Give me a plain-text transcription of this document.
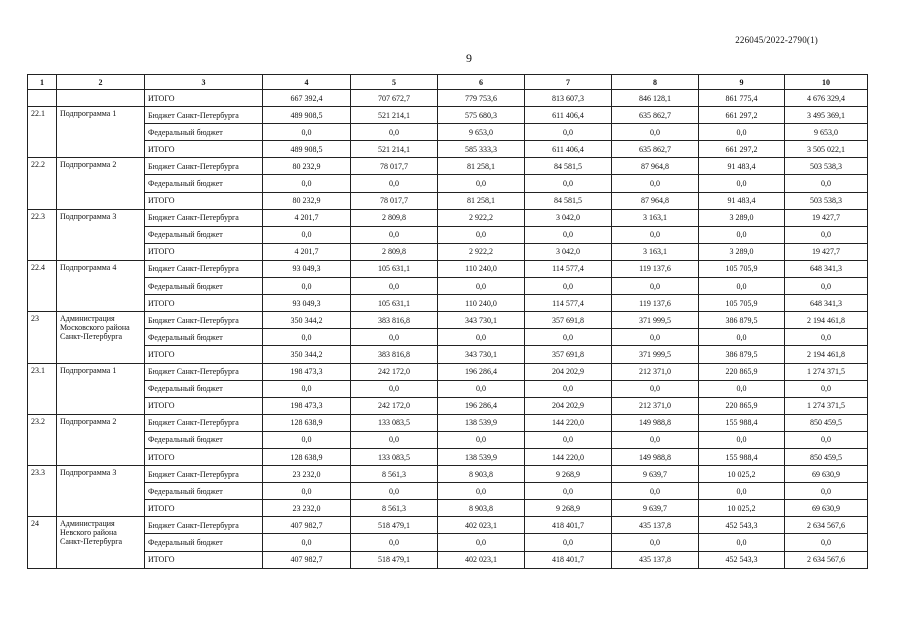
226045/2022-2790(1)
9
1	2	3	4	5	6	7	8	9	10
		ИТОГО	667 392,4	707 672,7	779 753,6	813 607,3	846 128,1	861 775,4	4 676 329,4
22.1	Подпрограмма 1	Бюджет Санкт-Петербурга	489 908,5	521 214,1	575 680,3	611 406,4	635 862,7	661 297,2	3 495 369,1
		Федеральный бюджет	0,0	0,0	9 653,0	0,0	0,0	0,0	9 653,0
		ИТОГО	489 908,5	521 214,1	585 333,3	611 406,4	635 862,7	661 297,2	3 505 022,1
22.2	Подпрограмма 2	Бюджет Санкт-Петербурга	80 232,9	78 017,7	81 258,1	84 581,5	87 964,8	91 483,4	503 538,3
		Федеральный бюджет	0,0	0,0	0,0	0,0	0,0	0,0	0,0
		ИТОГО	80 232,9	78 017,7	81 258,1	84 581,5	87 964,8	91 483,4	503 538,3
22.3	Подпрограмма 3	Бюджет Санкт-Петербурга	4 201,7	2 809,8	2 922,2	3 042,0	3 163,1	3 289,0	19 427,7
		Федеральный бюджет	0,0	0,0	0,0	0,0	0,0	0,0	0,0
		ИТОГО	4 201,7	2 809,8	2 922,2	3 042,0	3 163,1	3 289,0	19 427,7
22.4	Подпрограмма 4	Бюджет Санкт-Петербурга	93 049,3	105 631,1	110 240,0	114 577,4	119 137,6	105 705,9	648 341,3
		Федеральный бюджет	0,0	0,0	0,0	0,0	0,0	0,0	0,0
		ИТОГО	93 049,3	105 631,1	110 240,0	114 577,4	119 137,6	105 705,9	648 341,3
23	Администрация Московского района Санкт-Петербурга	Бюджет Санкт-Петербурга	350 344,2	383 816,8	343 730,1	357 691,8	371 999,5	386 879,5	2 194 461,8
		Федеральный бюджет	0,0	0,0	0,0	0,0	0,0	0,0	0,0
		ИТОГО	350 344,2	383 816,8	343 730,1	357 691,8	371 999,5	386 879,5	2 194 461,8
23.1	Подпрограмма 1	Бюджет Санкт-Петербурга	198 473,3	242 172,0	196 286,4	204 202,9	212 371,0	220 865,9	1 274 371,5
		Федеральный бюджет	0,0	0,0	0,0	0,0	0,0	0,0	0,0
		ИТОГО	198 473,3	242 172,0	196 286,4	204 202,9	212 371,0	220 865,9	1 274 371,5
23.2	Подпрограмма 2	Бюджет Санкт-Петербурга	128 638,9	133 083,5	138 539,9	144 220,0	149 988,8	155 988,4	850 459,5
		Федеральный бюджет	0,0	0,0	0,0	0,0	0,0	0,0	0,0
		ИТОГО	128 638,9	133 083,5	138 539,9	144 220,0	149 988,8	155 988,4	850 459,5
23.3	Подпрограмма 3	Бюджет Санкт-Петербурга	23 232,0	8 561,3	8 903,8	9 268,9	9 639,7	10 025,2	69 630,9
		Федеральный бюджет	0,0	0,0	0,0	0,0	0,0	0,0	0,0
		ИТОГО	23 232,0	8 561,3	8 903,8	9 268,9	9 639,7	10 025,2	69 630,9
24	Администрация Невского района Санкт-Петербурга	Бюджет Санкт-Петербурга	407 982,7	518 479,1	402 023,1	418 401,7	435 137,8	452 543,3	2 634 567,6
		Федеральный бюджет	0,0	0,0	0,0	0,0	0,0	0,0	0,0
		ИТОГО	407 982,7	518 479,1	402 023,1	418 401,7	435 137,8	452 543,3	2 634 567,6
